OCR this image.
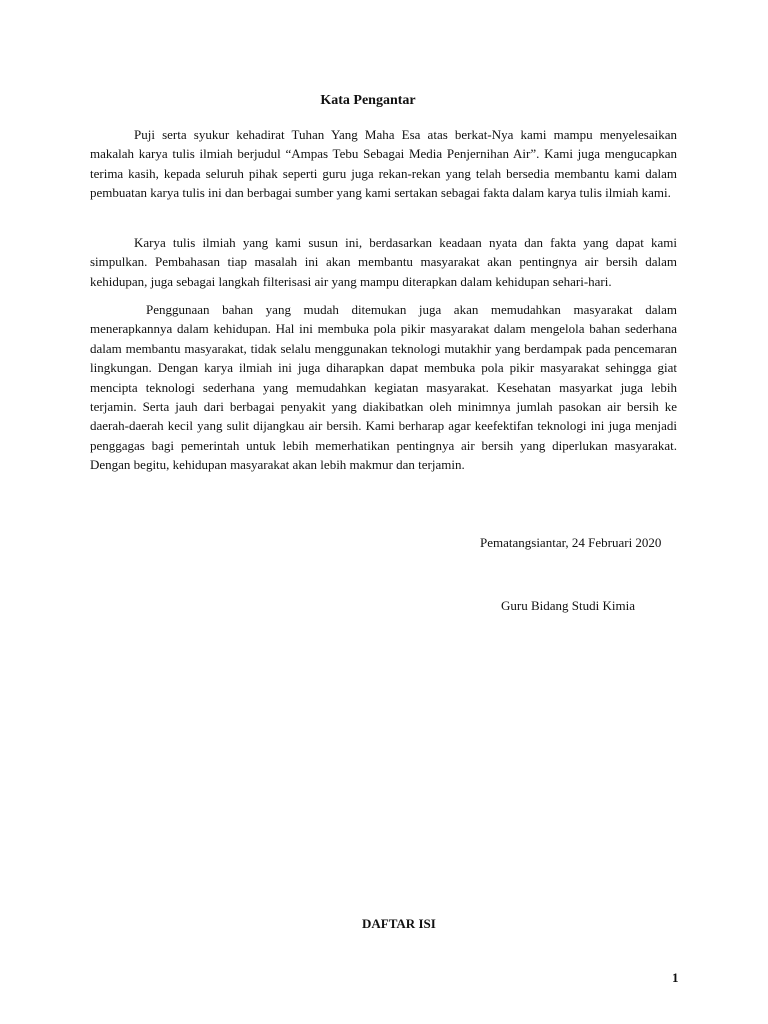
Kata Pengantar

Puji serta syukur kehadirat Tuhan Yang Maha Esa atas berkat-Nya kami mampu menyelesaikan makalah karya tulis ilmiah berjudul “Ampas Tebu Sebagai Media Penjernihan Air”. Kami juga mengucapkan terima kasih, kepada seluruh pihak seperti guru juga rekan-rekan yang telah bersedia membantu kami dalam pembuatan karya tulis ini dan berbagai sumber yang kami sertakan sebagai fakta dalam karya tulis ilmiah kami.

Karya tulis ilmiah yang kami susun ini, berdasarkan keadaan nyata dan fakta yang dapat kami simpulkan. Pembahasan tiap masalah ini akan membantu masyarakat akan pentingnya air bersih dalam kehidupan, juga sebagai langkah filterisasi air yang mampu diterapkan dalam kehidupan sehari-hari.

Penggunaan bahan yang mudah ditemukan juga akan memudahkan masyarakat dalam menerapkannya dalam kehidupan. Hal ini membuka pola pikir masyarakat dalam mengelola bahan sederhana dalam membantu masyarakat, tidak selalu menggunakan teknologi mutakhir yang berdampak pada pencemaran lingkungan. Dengan karya ilmiah ini juga diharapkan dapat membuka pola pikir masyarakat sehingga giat mencipta teknologi sederhana yang memudahkan kegiatan masyarakat. Kesehatan masyarkat juga lebih terjamin. Serta jauh dari berbagai penyakit yang diakibatkan oleh minimnya jumlah pasokan air bersih ke daerah-daerah kecil yang sulit dijangkau air bersih. Kami berharap agar keefektifan teknologi ini juga menjadi penggagas bagi pemerintah untuk lebih memerhatikan pentingnya air bersih yang diperlukan masyarakat. Dengan begitu, kehidupan masyarakat akan lebih makmur dan terjamin.

Pematangsiantar, 24 Februari 2020
Guru Bidang Studi Kimia
DAFTAR ISI
1
